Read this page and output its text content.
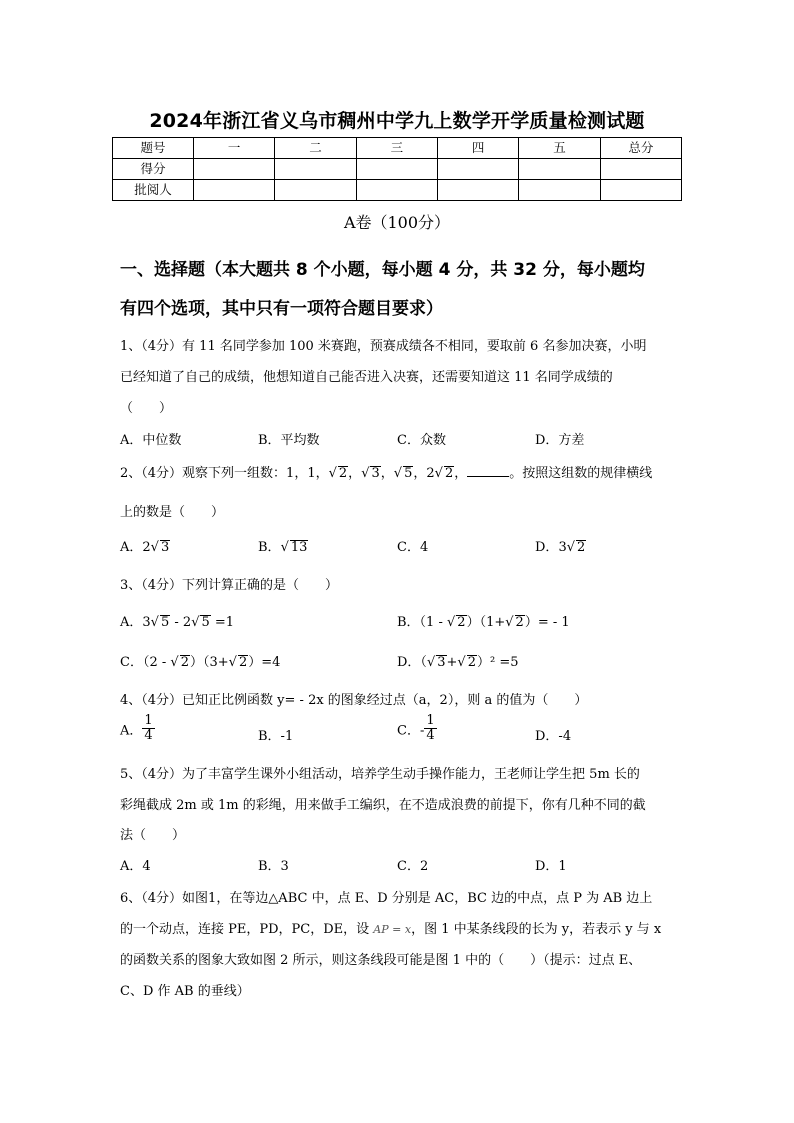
2024年浙江省义乌市稠州中学九上数学开学质量检测试题
题号	一	二	三	四	五	总分
得分						
批阅人						
A卷（100分）
一、选择题（本大题共 8 个小题，每小题 4 分，共 32 分，每小题均
有四个选项，其中只有一项符合题目要求）
1、（4分）有 11 名同学参加 100 米赛跑，预赛成绩各不相同，要取前 6 名参加决赛，小明
已经知道了自己的成绩，他想知道自己能否进入决赛，还需要知道这 11 名同学成绩的
（　　）
A．中位数	B．平均数	C．众数	D．方差
2、（4分）观察下列一组数：1，1，√ 2，√ 3，√ 5，2√ 2，	。按照这组数的规律横线
上的数是（　　）
A．2√ 3	B．√ 13	C．4	D．3√ 2
3、（4分）下列计算正确的是（　　）
A．3√ 5 - 2√ 5 =1	B．（1 - √ 2）（1+√ 2）= - 1
C．（2 - √ 2）（3+√ 2）=4	D．（√ 3+√ 2）² =5
4、（4分）已知正比例函数 y= - 2x 的图象经过点（a，2），则 a 的值为（　　）
A． $\frac{1}{4}$	B．-1	C．- $\frac{1}{4}$	D．-4
5、（4分）为了丰富学生课外小组活动，培养学生动手操作能力，王老师让学生把 5m 长的
彩绳截成 2m 或 1m 的彩绳，用来做手工编织，在不造成浪费的前提下，你有几种不同的截
法（　　）
A．4	B．3	C．2	D．1
6、（4分）如图1，在等边△ABC 中，点 E、D 分别是 AC，BC 边的中点，点 P 为 AB 边上
的一个动点，连接 PE，PD，PC，DE，设 AP = x，图 1 中某条线段的长为 y，若表示 y 与 x
的函数关系的图象大致如图 2 所示，则这条线段可能是图 1 中的（　　）（提示：过点 E、
C、D 作 AB 的垂线）
